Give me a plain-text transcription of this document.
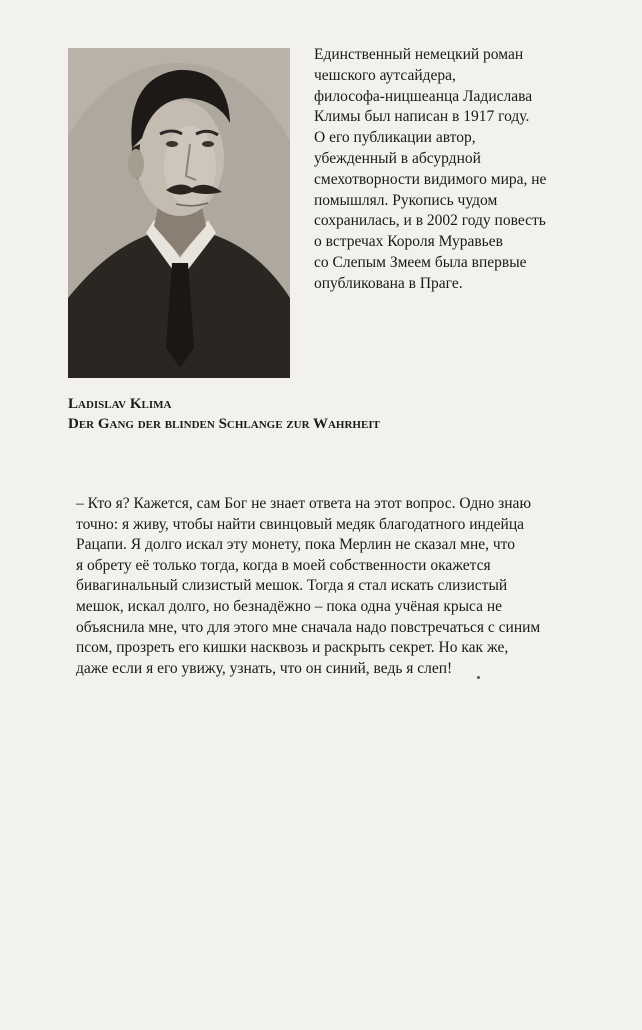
Единственный немецкий роман
чешского аутсайдера,
философа-ницшеанца Ладислава
Климы был написан в 1917 году.
О его публикации автор,
убежденный в абсурдной
смехотворности видимого мира, не
помышлял. Рукопись чудом
сохранилась, и в 2002 году повесть
о встречах Короля Муравьев
со Слепым Змеем была впервые
опубликована в Праге.
Ladislav Klima
Der Gang der blinden Schlange zur Wahrheit
– Кто я? Кажется, сам Бог не знает ответа на этот вопрос. Одно знаю
точно: я живу, чтобы найти свинцовый медяк благодатного индейца
Рацапи. Я долго искал эту монету, пока Мерлин не сказал мне, что
я обрету её только тогда, когда в моей собственности окажется
бивагинальный слизистый мешок. Тогда я стал искать слизистый
мешок, искал долго, но безнадёжно – пока одна учёная крыса не
объяснила мне, что для этого мне сначала надо повстречаться с синим
псом, прозреть его кишки насквозь и раскрыть секрет. Но как же,
даже если я его увижу, узнать, что он синий, ведь я слеп!
